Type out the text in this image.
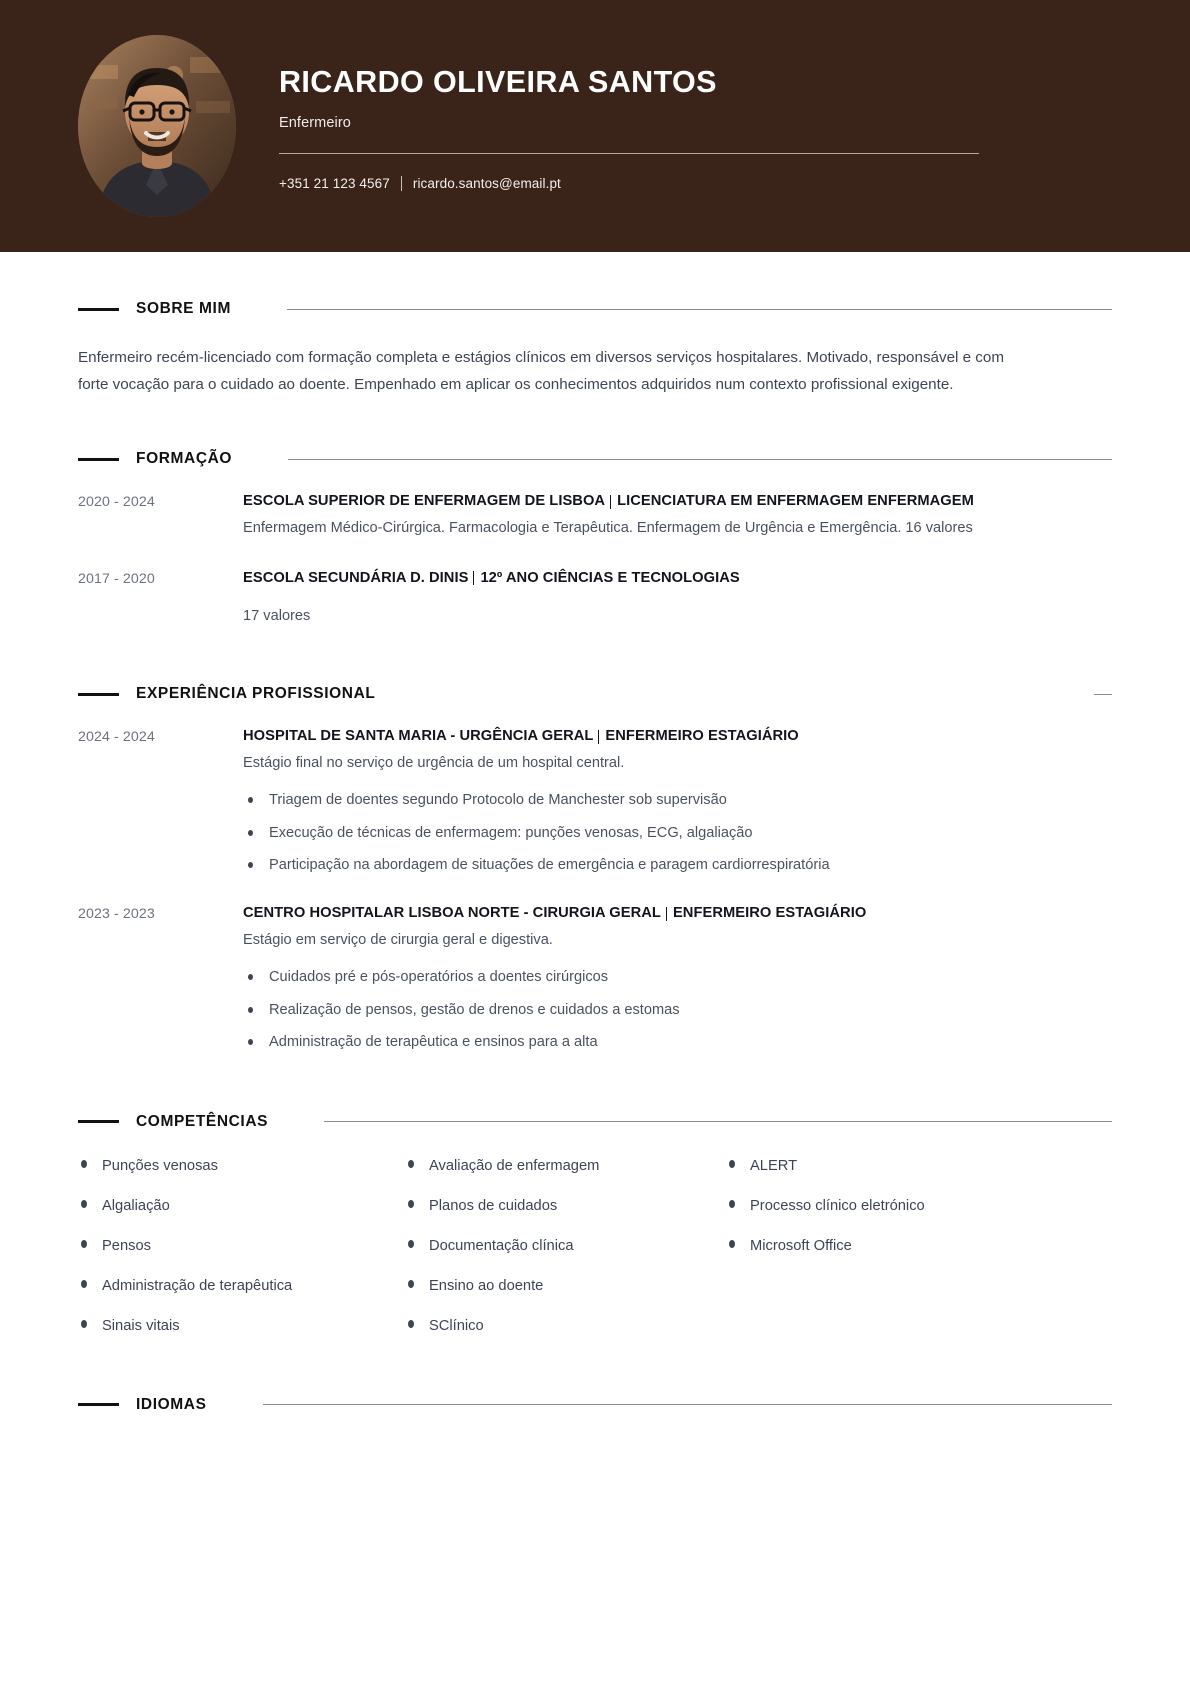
RICARDO OLIVEIRA SANTOS
Enfermeiro
+351 21 123 4567 ricardo.santos@email.pt
SOBRE MIM

Enfermeiro recém-licenciado com formação completa e estágios clínicos em diversos serviços hospitalares. Motivado, responsável e com forte vocação para o cuidado ao doente. Empenhado em aplicar os conhecimentos adquiridos num contexto profissional exigente.

FORMAÇÃO
2020 - 2024	ESCOLA SUPERIOR DE ENFERMAGEM DE LISBOA LICENCIATURA EM ENFERMAGEM ENFERMAGEM
Enfermagem Médico-Cirúrgica. Farmacologia e Terapêutica. Enfermagem de Urgência e Emergência. 16 valores
2017 - 2020	ESCOLA SECUNDÁRIA D. DINIS 12º ANO CIÊNCIAS E TECNOLOGIAS
17 valores
EXPERIÊNCIA PROFISSIONAL
2024 - 2024	HOSPITAL DE SANTA MARIA - URGÊNCIA GERAL ENFERMEIRO ESTAGIÁRIO
Estágio final no serviço de urgência de um hospital central.
Triagem de doentes segundo Protocolo de Manchester sob supervisão
Execução de técnicas de enfermagem: punções venosas, ECG, algaliação
Participação na abordagem de situações de emergência e paragem cardiorrespiratória
2023 - 2023	CENTRO HOSPITALAR LISBOA NORTE - CIRURGIA GERAL ENFERMEIRO ESTAGIÁRIO
Estágio em serviço de cirurgia geral e digestiva.
Cuidados pré e pós-operatórios a doentes cirúrgicos
Realização de pensos, gestão de drenos e cuidados a estomas
Administração de terapêutica e ensinos para a alta
COMPETÊNCIAS
Punções venosas
Algaliação
Pensos
Administração de terapêutica
Sinais vitais
Avaliação de enfermagem
Planos de cuidados
Documentação clínica
Ensino ao doente
SClínico
ALERT
Processo clínico eletrónico
Microsoft Office
IDIOMAS
